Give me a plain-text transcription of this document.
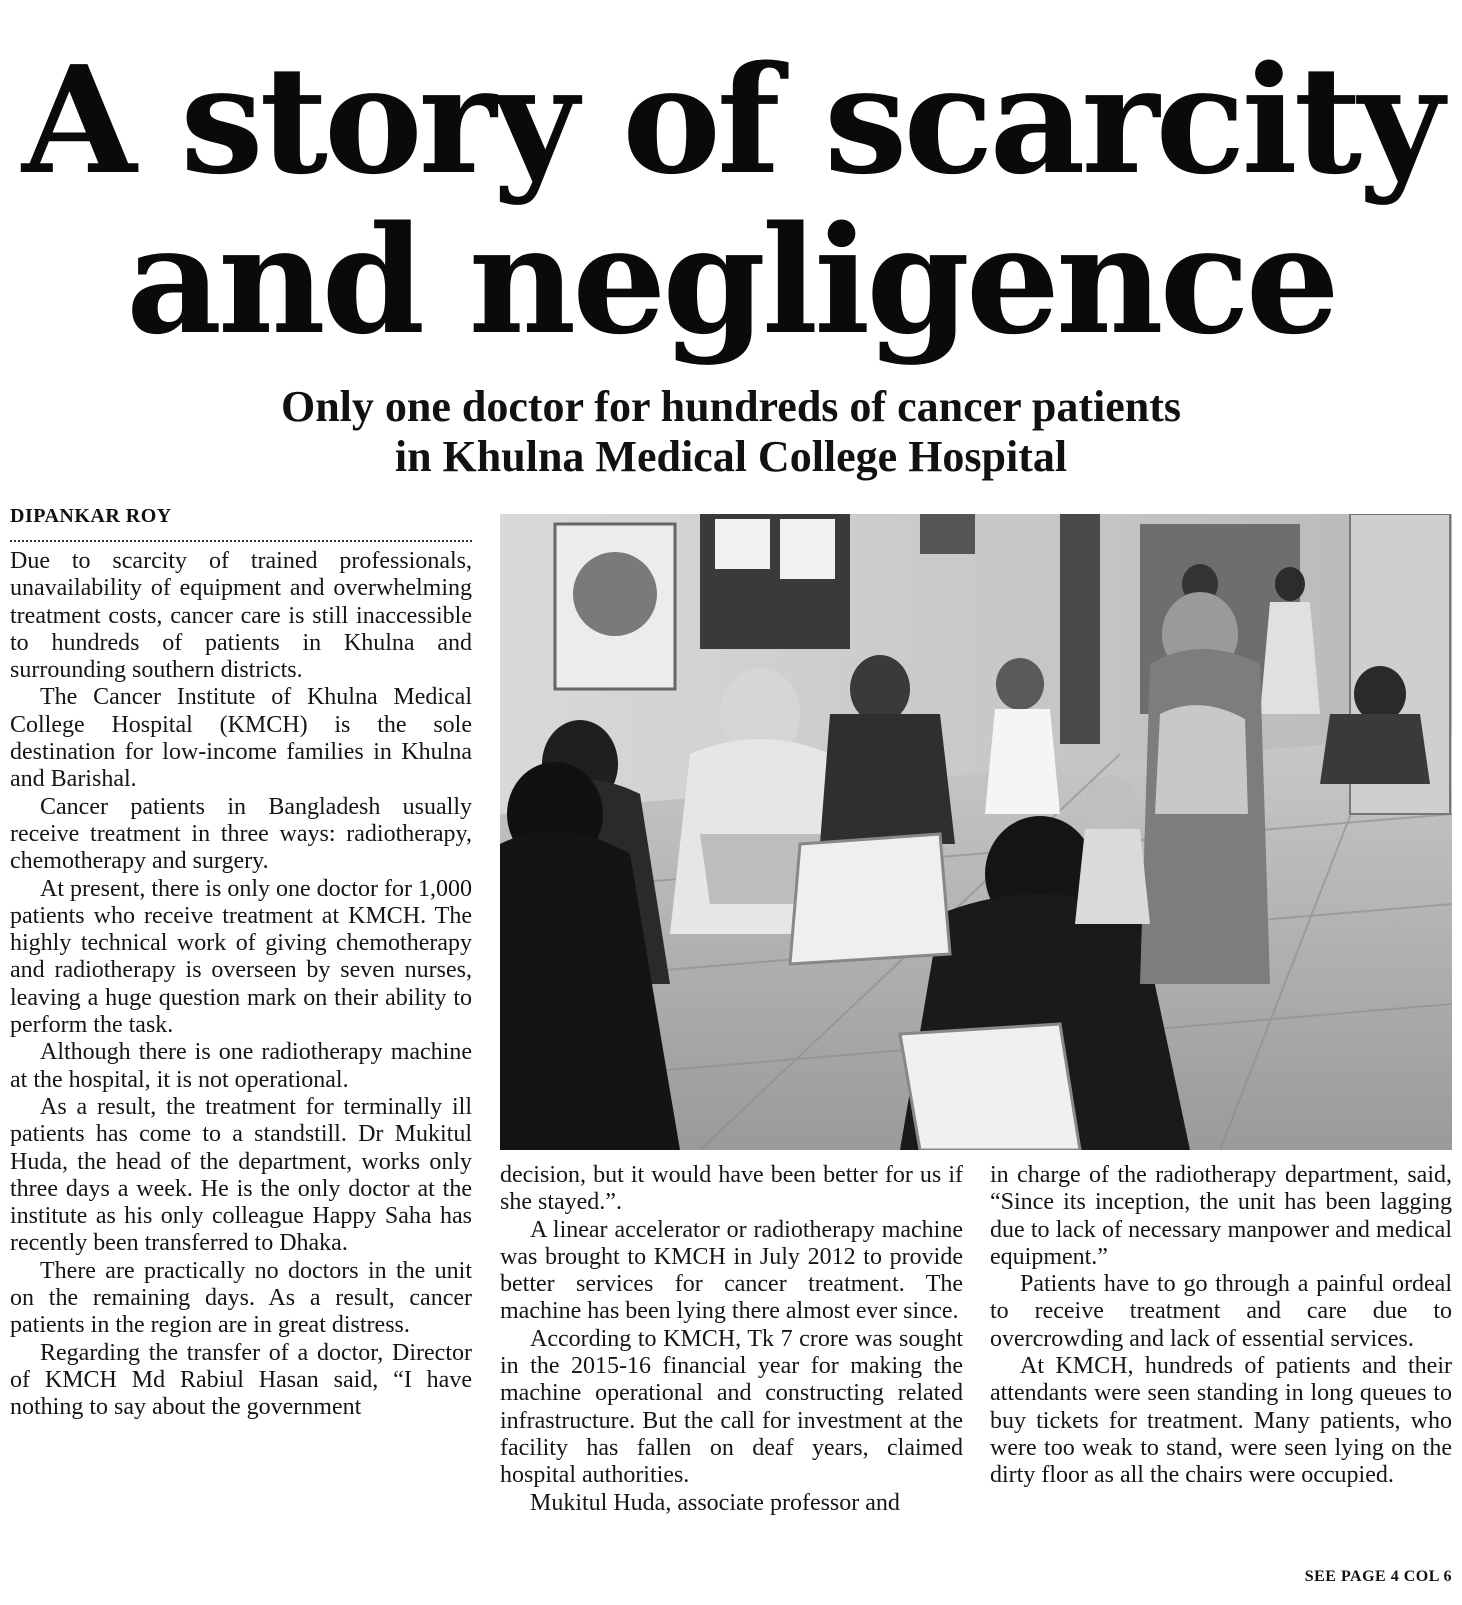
A story of scarcity
and negligence
Only one doctor for hundreds of cancer patients
in Khulna Medical College Hospital
DIPANKAR ROY

Due to scarcity of trained professionals, unavailability of equipment and overwhelming treatment costs, cancer care is still inaccessible to hundreds of patients in Khulna and surrounding southern districts.

The Cancer Institute of Khulna Medical College Hospital (KMCH) is the sole destination for low-income families in Khulna and Barishal.

Cancer patients in Bangladesh usually receive treatment in three ways: radiotherapy, chemotherapy and surgery.

At present, there is only one doctor for 1,000 patients who receive treatment at KMCH. The highly technical work of giving chemotherapy and radiotherapy is overseen by seven nurses, leaving a huge question mark on their ability to perform the task.

Although there is one radiotherapy machine at the hospital, it is not operational.

As a result, the treatment for terminally ill patients has come to a standstill. Dr Mukitul Huda, the head of the department, works only three days a week. He is the only doctor at the institute as his only colleague Happy Saha has recently been transferred to Dhaka.

There are practically no doctors in the unit on the remaining days. As a result, cancer patients in the region are in great distress.

Regarding the transfer of a doctor, Director of KMCH Md Rabiul Hasan said, “I have nothing to say about the government

decision, but it would have been better for us if she stayed.”.

A linear accelerator or radiotherapy machine was brought to KMCH in July 2012 to provide better services for cancer treatment. The machine has been lying there almost ever since.

According to KMCH, Tk 7 crore was sought in the 2015-16 financial year for making the machine operational and constructing related infrastructure. But the call for investment at the facility has fallen on deaf years, claimed hospital authorities.

Mukitul Huda, associate professor and

in charge of the radiotherapy department, said, “Since its inception, the unit has been lagging due to lack of necessary manpower and medical equipment.”

Patients have to go through a painful ordeal to receive treatment and care due to overcrowding and lack of essential services.

At KMCH, hundreds of patients and their attendants were seen standing in long queues to buy tickets for treatment. Many patients, who were too weak to stand, were seen lying on the dirty floor as all the chairs were occupied.

SEE PAGE 4 COL 6
